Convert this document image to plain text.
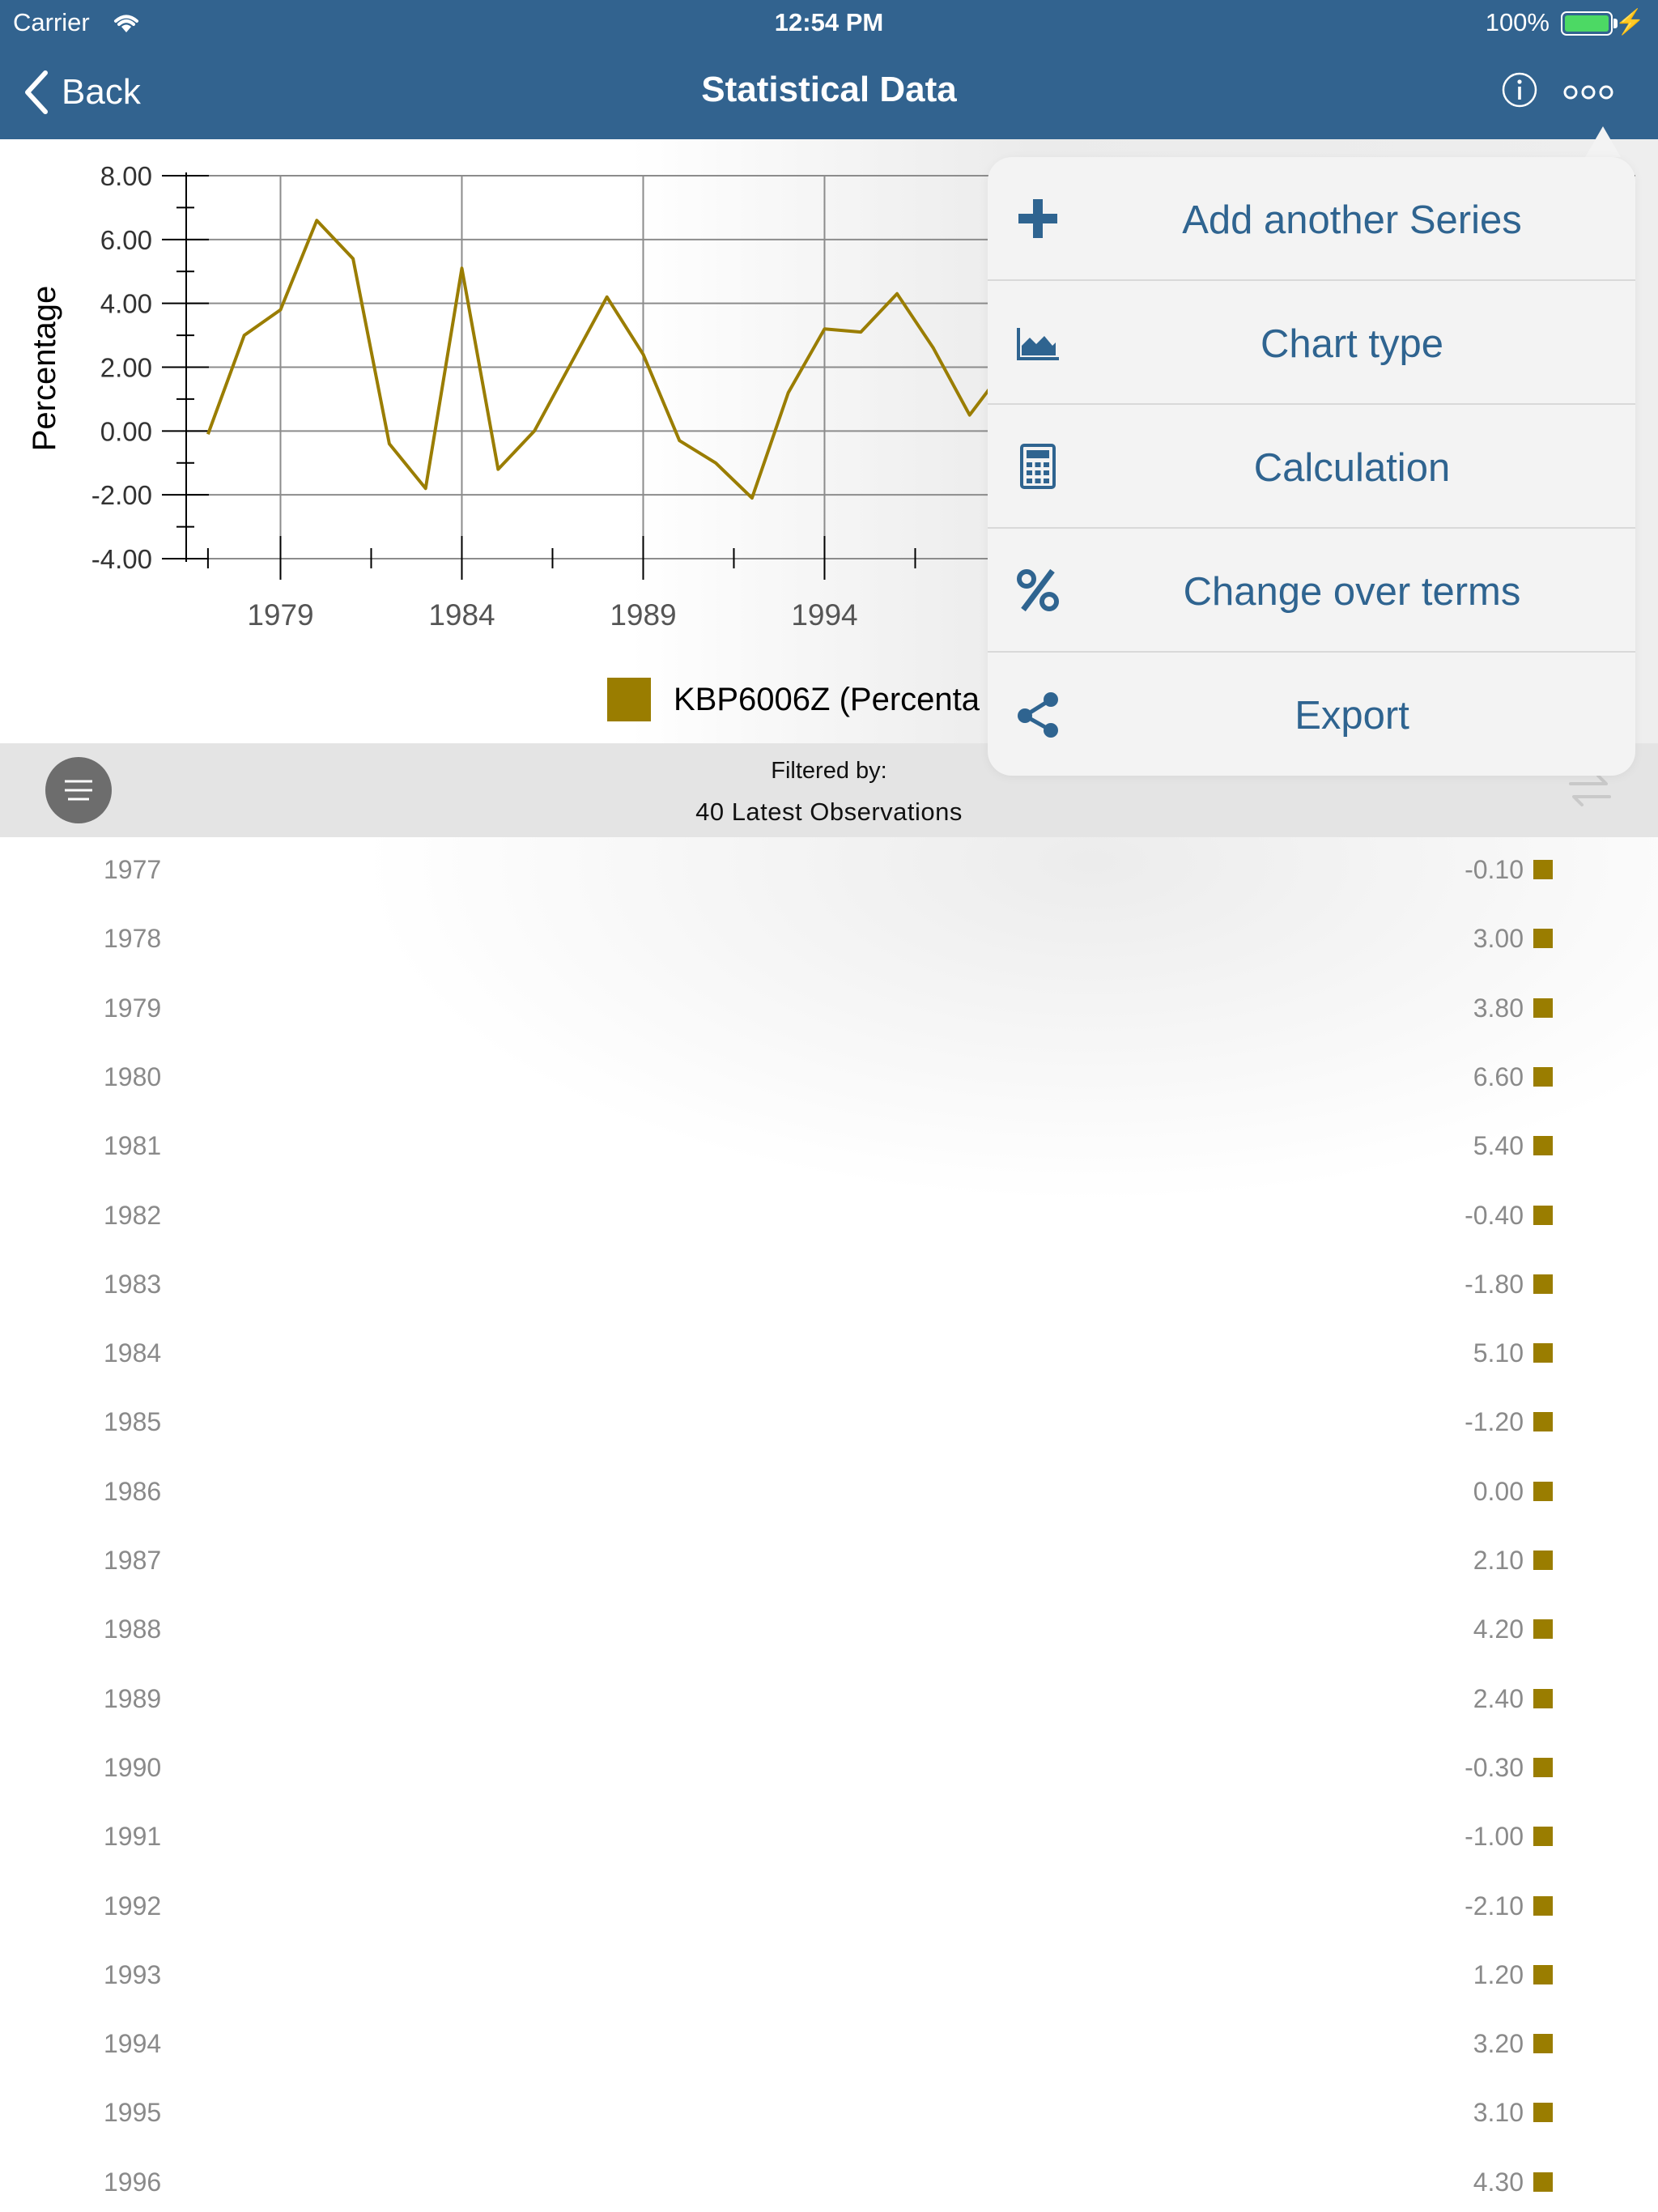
Carrier	12:54 PM	100%	⚡
Back	Statistical Data
8.00
6.00
4.00
2.00
0.00
-2.00
-4.00
1979	1984	1989	1994
Percentage
KBP6006Z (Percenta
Filtered by:
40 Latest Observations
1977	-0.10
1978	3.00
1979	3.80
1980	6.60
1981	5.40
1982	-0.40
1983	-1.80
1984	5.10
1985	-1.20
1986	0.00
1987	2.10
1988	4.20
1989	2.40
1990	-0.30
1991	-1.00
1992	-2.10
1993	1.20
1994	3.20
1995	3.10
1996	4.30
Add another Series
Chart type
Calculation
Change over terms
Export
